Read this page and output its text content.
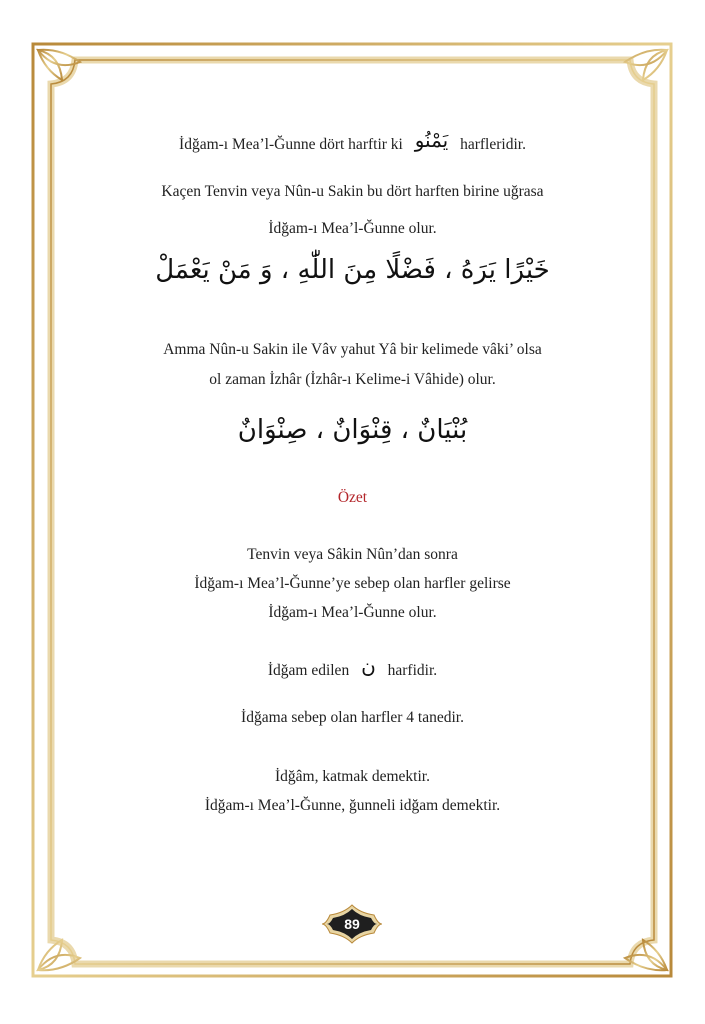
İdğam-ı Mea’l-Ğunne dört harftir ki يَمْنُو harfleridir.
Kaçen Tenvin veya Nûn-u Sakin bu dört harften birine uğrasa
İdğam-ı Mea’l-Ğunne olur.
خَيْرًا يَرَهُ ، فَضْلًا مِنَ اللّٰهِ ، وَ مَنْ يَعْمَلْ
Amma Nûn-u Sakin ile Vâv yahut Yâ bir kelimede vâki’ olsa
ol zaman İzhâr (İzhâr-ı Kelime-i Vâhide) olur.
بُنْيَانٌ ، قِنْوَانٌ ، صِنْوَانٌ
Özet
Tenvin veya Sâkin Nûn’dan sonra
İdğam-ı Mea’l-Ğunne’ye sebep olan harfler gelirse
İdğam-ı Mea’l-Ğunne olur.
İdğam edilen ن harfidir.
İdğama sebep olan harfler 4 tanedir.
İdğâm, katmak demektir.
İdğam-ı Mea’l-Ğunne, ğunneli idğam demektir.
89
